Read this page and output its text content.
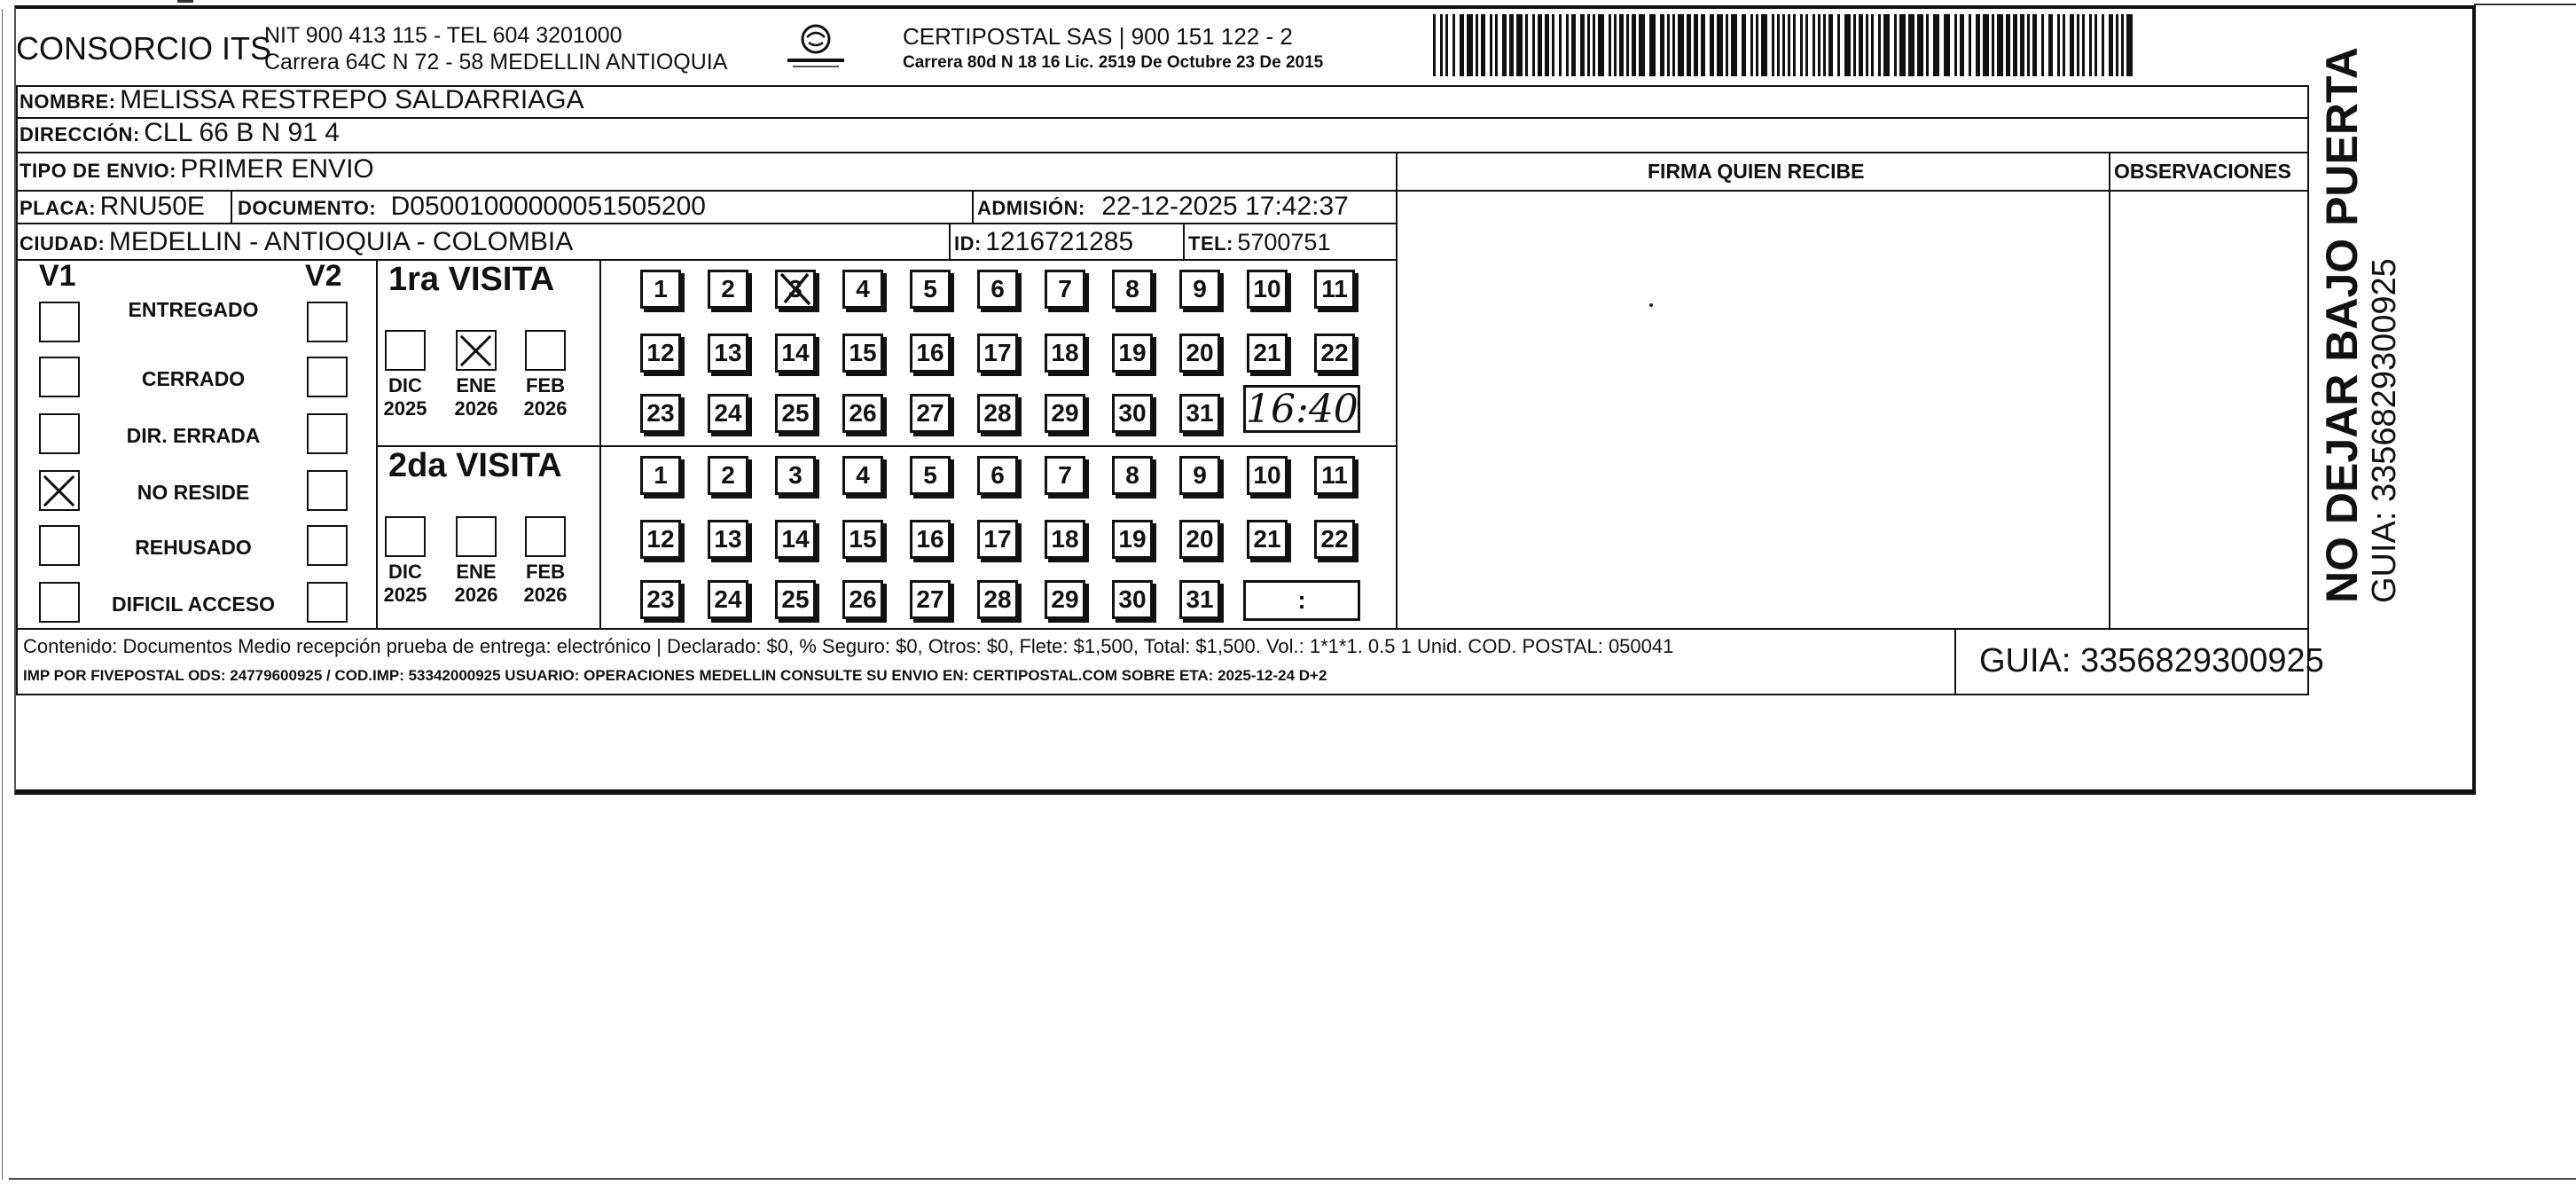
CONSORCIO ITS
NIT 900 413 115 - TEL 604 3201000
Carrera 64C N 72 - 58 MEDELLIN ANTIOQUIA
CERTIPOSTAL SAS | 900 151 122 - 2
Carrera 80d N 18 16 Lic. 2519 De Octubre 23 De 2015
NOMBRE: MELISSA RESTREPO SALDARRIAGA
DIRECCIÓN: CLL 66 B N 91 4
TIPO DE ENVIO: PRIMER ENVIO	FIRMA QUIEN RECIBE	OBSERVACIONES
PLACA: RNU50E DOCUMENTO: D05001000000051505200	ADMISIÓN: 22-12-2025 17:42:37
CIUDAD: MEDELLIN - ANTIOQUIA - COLOMBIA	ID: 1216721285	TEL: 5700751
V1	V2
ENTREGADO
CERRADO
DIR. ERRADA
NO RESIDE
REHUSADO
DIFICIL ACCESO
1ra VISITA
DIC
2025
ENE
2026
FEB
2026
1	2	3	4	5	6	7	8	9	10 11
12 13 14 15 16 17 18 19 20 21 22
23 24 25 26 27 28 29 30 31 16:40
2da VISITA
DIC
2025
ENE
2026
FEB
2026
1	2	3	4	5	6	7	8	9	10 11
12 13 14 15 16 17 18 19 20 21 22
23 24 25 26 27 28 29 30 31	:
Contenido: Documentos Medio recepción prueba de entrega: electrónico | Declarado: $0, % Seguro: $0, Otros: $0, Flete: $1,500, Total: $1,500. Vol.: 1*1*1. 0.5 1 Unid. COD. POSTAL: 050041
IMP POR FIVEPOSTAL ODS: 24779600925 / COD.IMP: 53342000925 USUARIO: OPERACIONES MEDELLIN CONSULTE SU ENVIO EN: CERTIPOSTAL.COM SOBRE ETA: 2025-12-24 D+2	GUIA: 3356829300925
NO DEJAR BAJO PUERTA GUIA: 3356829300925
